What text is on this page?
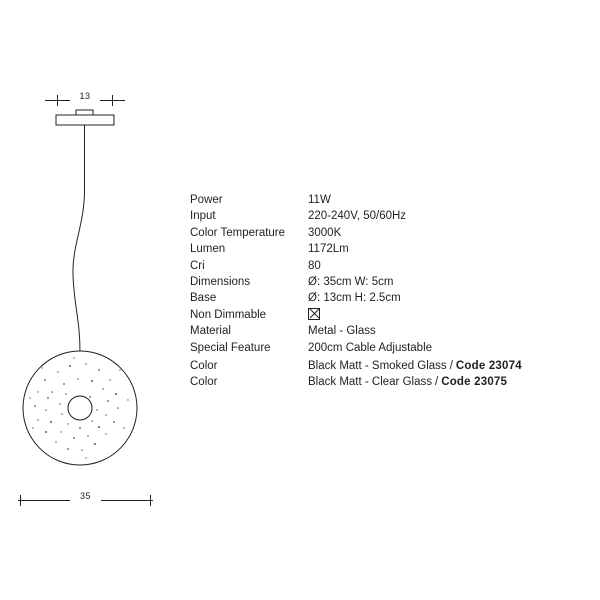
13
35
Power	11W
Input	220-240V, 50/60Hz
Color Temperature	3000K
Lumen	1172Lm
Cri	80
Dimensions	Ø: 35cm W: 5cm
Base	Ø: 13cm H: 2.5cm
Non Dimmable
Material	Metal - Glass
Special Feature	200cm Cable Adjustable
Color	Black Matt - Smoked Glass / Code 23074
Color	Black Matt - Clear Glass / Code 23075
